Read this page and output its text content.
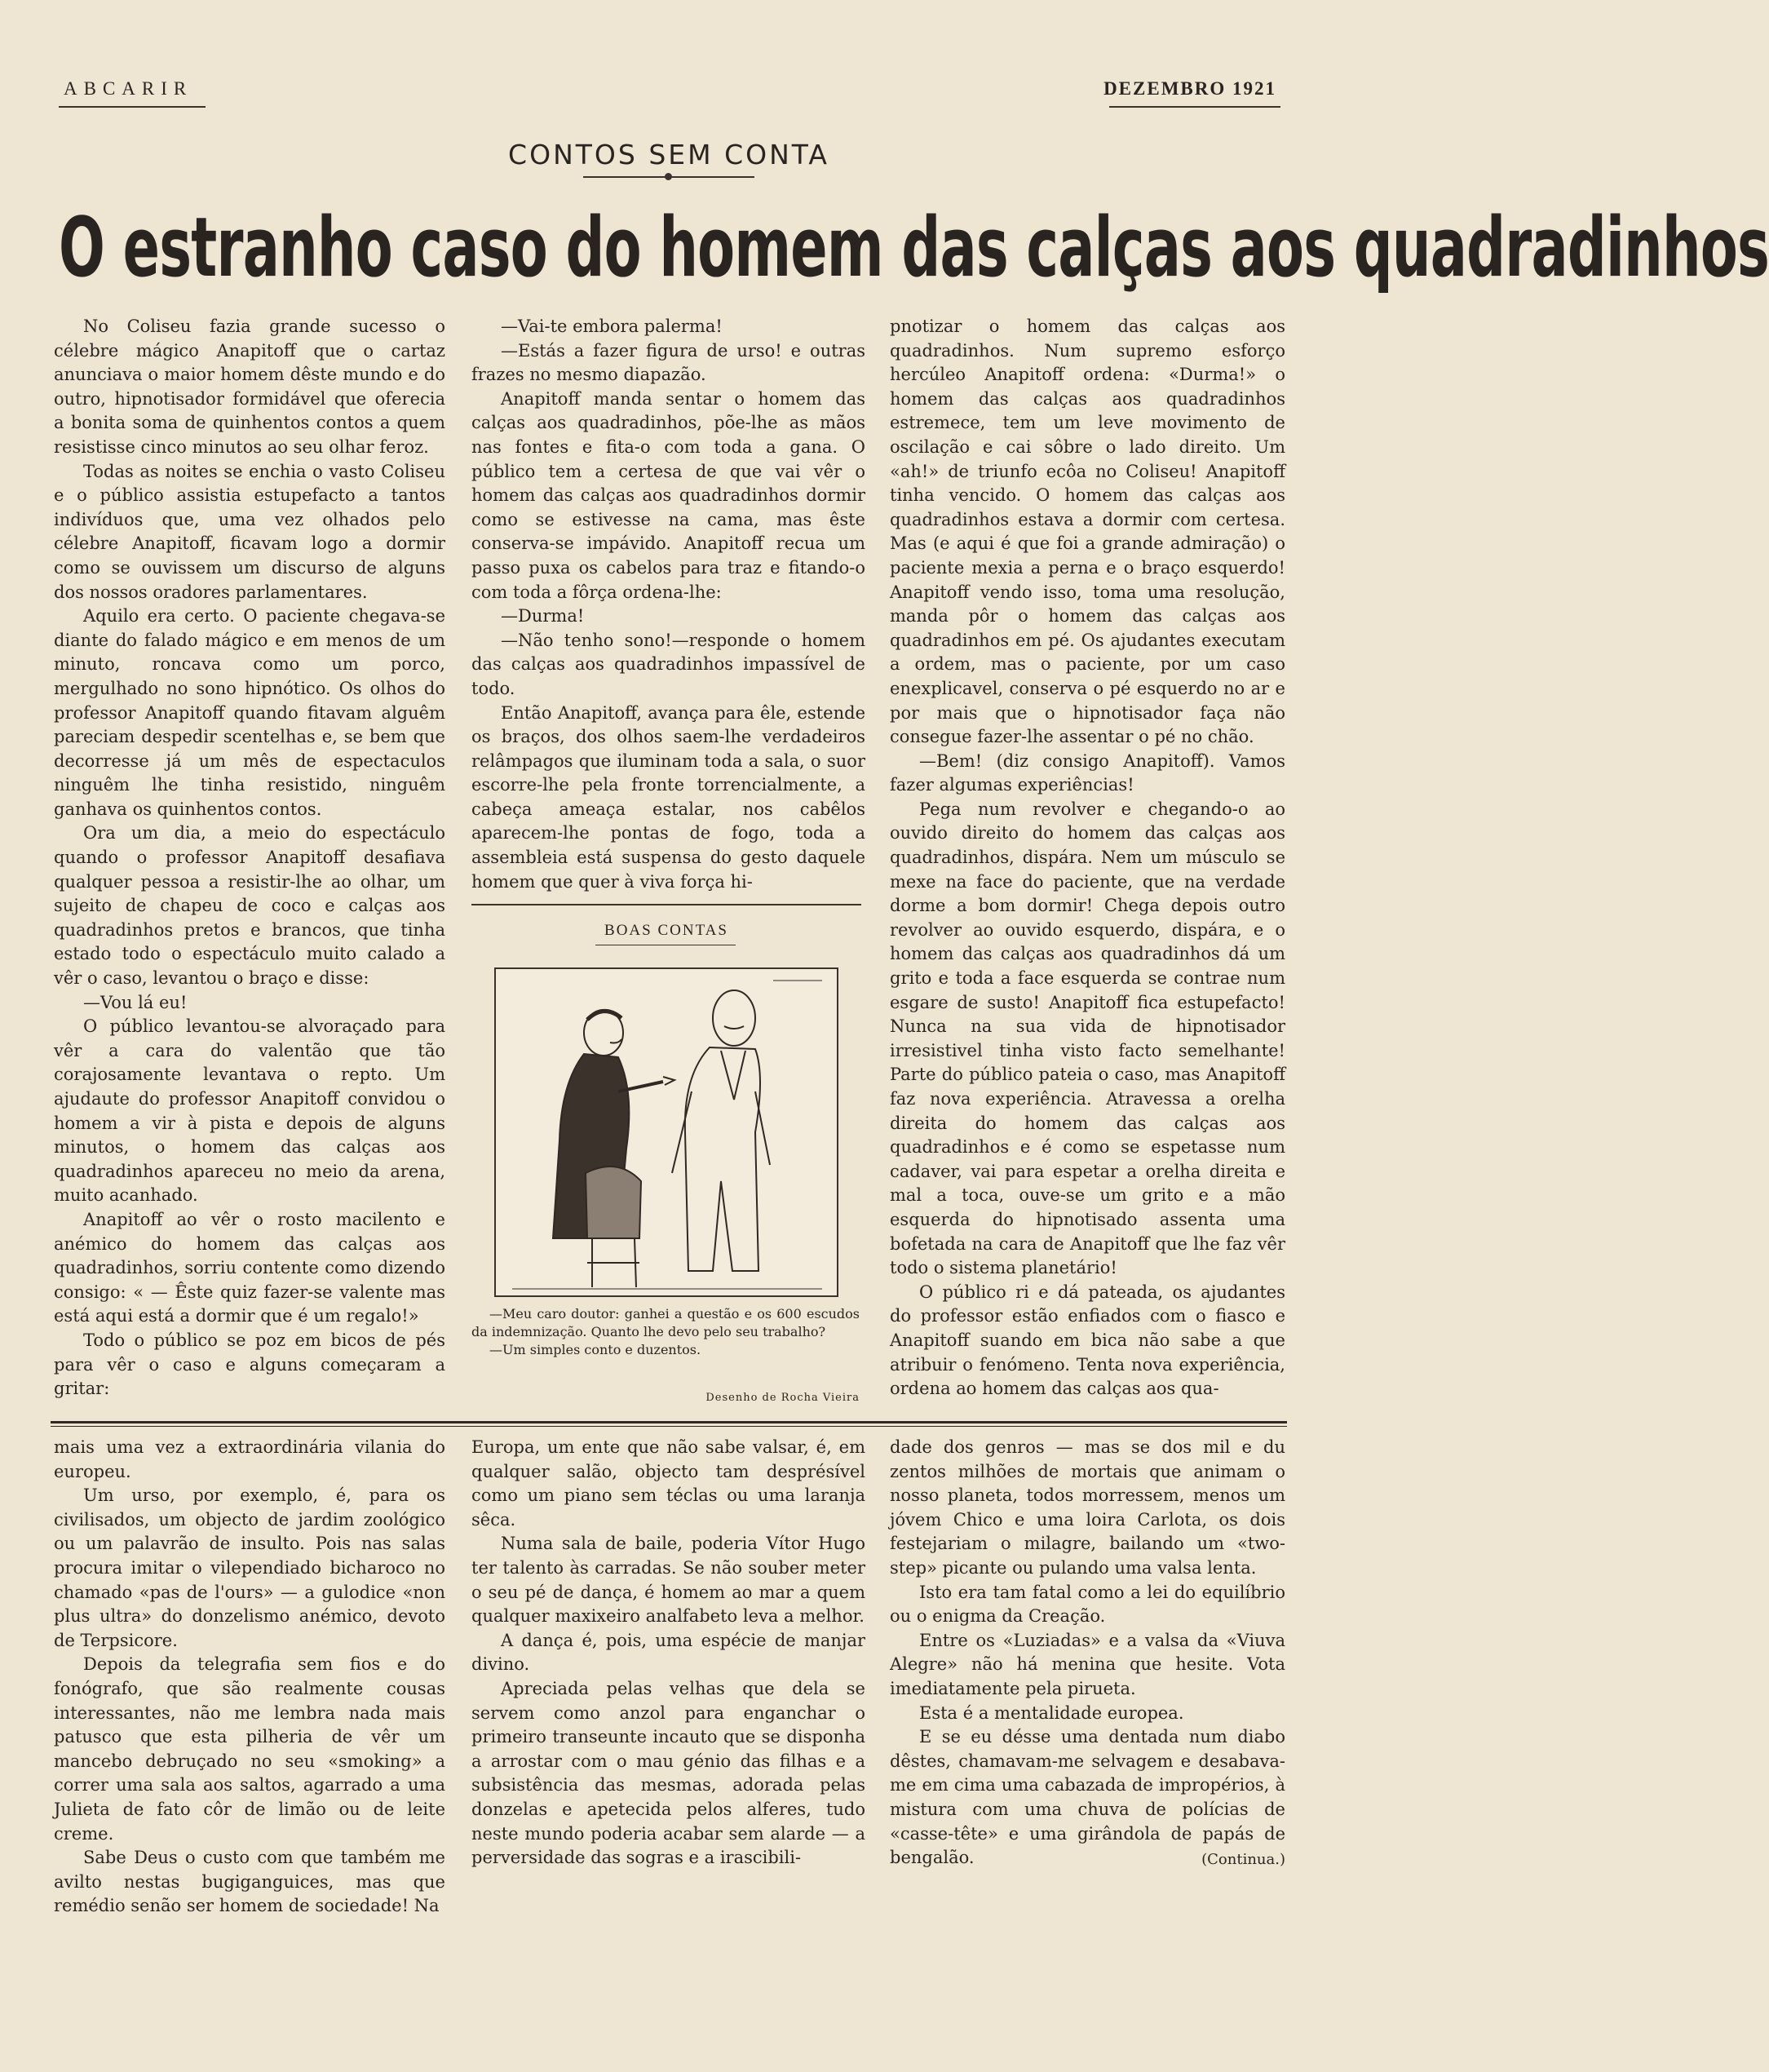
ABCARIR	DEZEMBRO 1921
CONTOS SEM CONTA
O estranho caso do homem das calças aos quadradinhos

No Coliseu fazia grande sucesso o célebre mágico Anapitoff que o cartaz anunciava o maior homem dêste mundo e do outro, hipnotisador formidável que oferecia a bonita soma de quinhentos contos a quem resistisse cinco minutos ao seu olhar feroz.

Todas as noites se enchia o vasto Coliseu e o público assistia estupefacto a tantos indivíduos que, uma vez olhados pelo célebre Anapitoff, ficavam logo a dormir como se ouvissem um discurso de alguns dos nossos oradores parlamentares.

Aquilo era certo. O paciente chegava-se diante do falado mágico e em menos de um minuto, roncava como um porco, mergulhado no sono hipnótico. Os olhos do professor Anapitoff quando fitavam alguêm pareciam despedir scentelhas e, se bem que decorresse já um mês de espectaculos ninguêm lhe tinha resistido, ninguêm ganhava os quinhentos contos.

Ora um dia, a meio do espectáculo quando o professor Anapitoff desafiava qualquer pessoa a resistir-lhe ao olhar, um sujeito de chapeu de coco e calças aos quadradinhos pretos e brancos, que tinha estado todo o espectáculo muito calado a vêr o caso, levantou o braço e disse:

—Vou lá eu!

O público levantou-se alvoraçado para vêr a cara do valentão que tão corajosamente levantava o repto. Um ajudaute do professor Anapitoff convidou o homem a vir à pista e depois de alguns minutos, o homem das calças aos quadradinhos apareceu no meio da arena, muito acanhado.

Anapitoff ao vêr o rosto macilento e anémico do homem das calças aos quadradinhos, sorriu contente como dizendo consigo: « — Êste quiz fazer-se valente mas está aqui está a dormir que é um regalo!»

Todo o público se poz em bicos de pés para vêr o caso e alguns começaram a gritar:

—Vai-te embora palerma!

—Estás a fazer figura de urso! e outras frazes no mesmo diapazão.

Anapitoff manda sentar o homem das calças aos quadradinhos, põe-lhe as mãos nas fontes e fita-o com toda a gana. O público tem a certesa de que vai vêr o homem das calças aos quadradinhos dormir como se estivesse na cama, mas êste conserva-se impávido. Anapitoff recua um passo puxa os cabelos para traz e fitando-o com toda a fôrça ordena-lhe:

—Durma!

—Não tenho sono!—responde o homem das calças aos quadradinhos impassível de todo.

Então Anapitoff, avança para êle, estende os braços, dos olhos saem-lhe verdadeiros relâmpagos que iluminam toda a sala, o suor escorre-lhe pela fronte torrencialmente, a cabeça ameaça estalar, nos cabêlos aparecem-lhe pontas de fogo, toda a assembleia está suspensa do gesto daquele homem que quer à viva força hi-

pnotizar o homem das calças aos quadradinhos. Num supremo esforço hercúleo Anapitoff ordena: «Durma!» o homem das calças aos quadradinhos estremece, tem um leve movimento de oscilação e cai sôbre o lado direito. Um «ah!» de triunfo ecôa no Coliseu! Anapitoff tinha vencido. O homem das calças aos quadradinhos estava a dormir com certesa. Mas (e aqui é que foi a grande admiração) o paciente mexia a perna e o braço esquerdo! Anapitoff vendo isso, toma uma resolução, manda pôr o homem das calças aos quadradinhos em pé. Os ajudantes executam a ordem, mas o paciente, por um caso enexplicavel, conserva o pé esquerdo no ar e por mais que o hipnotisador faça não consegue fazer-lhe assentar o pé no chão.

—Bem! (diz consigo Anapitoff). Vamos fazer algumas experiências!

Pega num revolver e chegando-o ao ouvido direito do homem das calças aos quadradinhos, dispára. Nem um músculo se mexe na face do paciente, que na verdade dorme a bom dormir! Chega depois outro revolver ao ouvido esquerdo, dispára, e o homem das calças aos quadradinhos dá um grito e toda a face esquerda se contrae num esgare de susto! Anapitoff fica estupefacto! Nunca na sua vida de hipnotisador irresistivel tinha visto facto semelhante! Parte do público pateia o caso, mas Anapitoff faz nova experiência. Atravessa a orelha direita do homem das calças aos quadradinhos e é como se espetasse num cadaver, vai para espetar a orelha direita e mal a toca, ouve-se um grito e a mão esquerda do hipnotisado assenta uma bofetada na cara de Anapitoff que lhe faz vêr todo o sistema planetário!

O público ri e dá pateada, os ajudantes do professor estão enfiados com o fiasco e Anapitoff suando em bica não sabe a que atribuir o fenómeno. Tenta nova experiência, ordena ao homem das calças aos qua-

BOAS CONTAS

—Meu caro doutor: ganhei a questão e os 600 escudos da indemnização. Quanto lhe devo pelo seu trabalho?

—Um simples conto e duzentos.

Desenho de Rocha Vieira

mais uma vez a extraordinária vilania do europeu.

Um urso, por exemplo, é, para os civilisados, um objecto de jardim zoológico ou um palavrão de insulto. Pois nas salas procura imitar o vilependiado bicharoco no chamado «pas de l'ours» — a gulodice «non plus ultra» do donzelismo anémico, devoto de Terpsicore.

Depois da telegrafia sem fios e do fonógrafo, que são realmente cousas interessantes, não me lembra nada mais patusco que esta pilheria de vêr um mancebo debruçado no seu «smoking» a correr uma sala aos saltos, agarrado a uma Julieta de fato côr de limão ou de leite creme.

Sabe Deus o custo com que também me avilto nestas bugiganguices, mas que remédio senão ser homem de sociedade! Na

Europa, um ente que não sabe valsar, é, em qualquer salão, objecto tam desprésível como um piano sem téclas ou uma laranja sêca.

Numa sala de baile, poderia Vítor Hugo ter talento às carradas. Se não souber meter o seu pé de dança, é homem ao mar a quem qualquer maxixeiro analfabeto leva a melhor.

A dança é, pois, uma espécie de manjar divino.

Apreciada pelas velhas que dela se servem como anzol para enganchar o primeiro transeunte incauto que se disponha a arrostar com o mau génio das filhas e a subsistência das mesmas, adorada pelas donzelas e apetecida pelos alferes, tudo neste mundo poderia acabar sem alarde — a perversidade das sogras e a irascibili-

dade dos genros — mas se dos mil e du zentos milhões de mortais que animam o nosso planeta, todos morressem, menos um jóvem Chico e uma loira Carlota, os dois festejariam o milagre, bailando um «two-step» picante ou pulando uma valsa lenta.

Isto era tam fatal como a lei do equilíbrio ou o enigma da Creação.

Entre os «Luziadas» e a valsa da «Viuva Alegre» não há menina que hesite. Vota imediatamente pela pirueta.

Esta é a mentalidade europea.

E se eu désse uma dentada num diabo dêstes, chamavam-me selvagem e desabava-me em cima uma cabazada de impropérios, à mistura com uma chuva de polícias de «casse-tête» e uma girândola de papás de bengalão.	(Continua.)
